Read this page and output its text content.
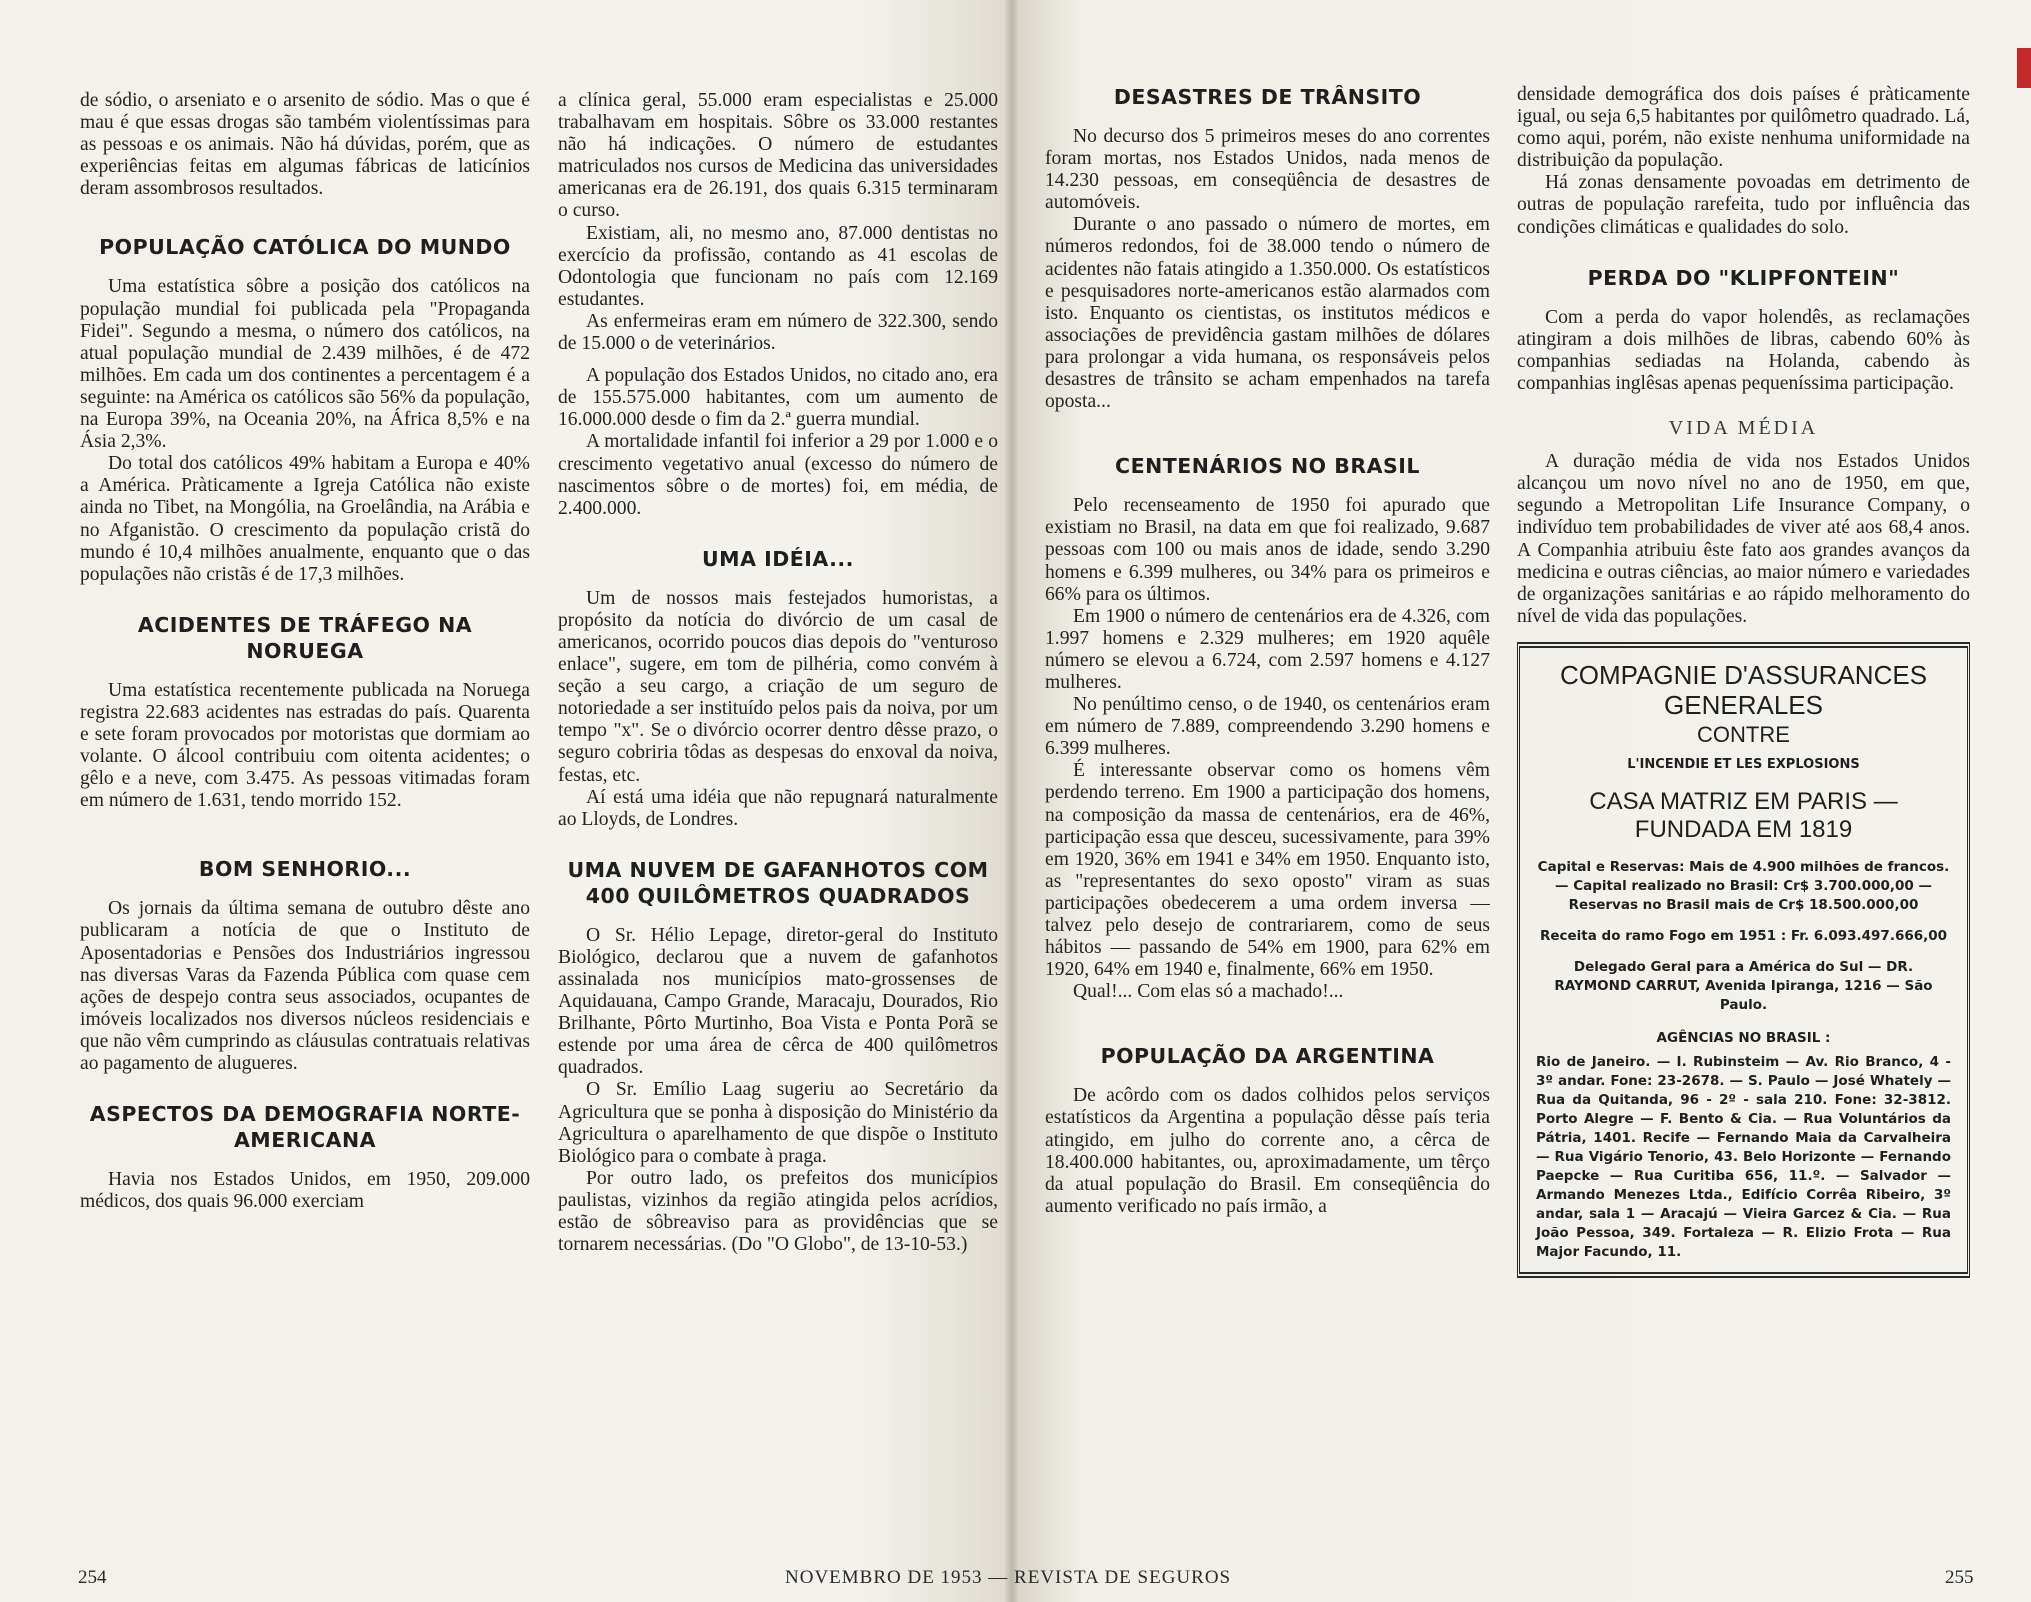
de sódio, o arseniato e o arsenito de sódio. Mas o que é mau é que essas drogas são também violentíssimas para as pessoas e os animais. Não há dúvidas, porém, que as experiências feitas em algumas fábricas de laticínios deram assombrosos resultados.

POPULAÇÃO CATÓLICA DO MUNDO

Uma estatística sôbre a posição dos católicos na população mundial foi publicada pela "Propaganda Fidei". Segundo a mesma, o número dos católicos, na atual população mundial de 2.439 milhões, é de 472 milhões. Em cada um dos continentes a percentagem é a seguinte: na América os católicos são 56% da população, na Europa 39%, na Oceania 20%, na África 8,5% e na Ásia 2,3%.

Do total dos católicos 49% habitam a Europa e 40% a América. Pràticamente a Igreja Católica não existe ainda no Tibet, na Mongólia, na Groelândia, na Arábia e no Afganistão. O crescimento da população cristã do mundo é 10,4 milhões anualmente, enquanto que o das populações não cristãs é de 17,3 milhões.

ACIDENTES DE TRÁFEGO NA NORUEGA

Uma estatística recentemente publicada na Noruega registra 22.683 acidentes nas estradas do país. Quarenta e sete foram provocados por motoristas que dormiam ao volante. O álcool contribuiu com oitenta acidentes; o gêlo e a neve, com 3.475. As pessoas vitimadas foram em número de 1.631, tendo morrido 152.

BOM SENHORIO...

Os jornais da última semana de outubro dêste ano publicaram a notícia de que o Instituto de Aposentadorias e Pensões dos Industriários ingressou nas diversas Varas da Fazenda Pública com quase cem ações de despejo contra seus associados, ocupantes de imóveis localizados nos diversos núcleos residenciais e que não vêm cumprindo as cláusulas contratuais relativas ao pagamento de alugueres.

ASPECTOS DA DEMOGRAFIA NORTE-AMERICANA

Havia nos Estados Unidos, em 1950, 209.000 médicos, dos quais 96.000 exerciam

a clínica geral, 55.000 eram especialistas e 25.000 trabalhavam em hospitais. Sôbre os 33.000 restantes não há indicações. O número de estudantes matriculados nos cursos de Medicina das universidades americanas era de 26.191, dos quais 6.315 terminaram o curso.

Existiam, ali, no mesmo ano, 87.000 dentistas no exercício da profissão, contando as 41 escolas de Odontologia que funcionam no país com 12.169 estudantes.

As enfermeiras eram em número de 322.300, sendo de 15.000 o de veterinários.

A população dos Estados Unidos, no citado ano, era de 155.575.000 habitantes, com um aumento de 16.000.000 desde o fim da 2.ª guerra mundial.

A mortalidade infantil foi inferior a 29 por 1.000 e o crescimento vegetativo anual (excesso do número de nascimentos sôbre o de mortes) foi, em média, de 2.400.000.

UMA IDÉIA...

Um de nossos mais festejados humoristas, a propósito da notícia do divórcio de um casal de americanos, ocorrido poucos dias depois do "venturoso enlace", sugere, em tom de pilhéria, como convém à seção a seu cargo, a criação de um seguro de notoriedade a ser instituído pelos pais da noiva, por um tempo "x". Se o divórcio ocorrer dentro dêsse prazo, o seguro cobriria tôdas as despesas do enxoval da noiva, festas, etc.

Aí está uma idéia que não repugnará naturalmente ao Lloyds, de Londres.

UMA NUVEM DE GAFANHOTOS COM 400 QUILÔMETROS QUADRADOS

O Sr. Hélio Lepage, diretor-geral do Instituto Biológico, declarou que a nuvem de gafanhotos assinalada nos municípios mato-grossenses de Aquidauana, Campo Grande, Maracaju, Dourados, Rio Brilhante, Pôrto Murtinho, Boa Vista e Ponta Porã se estende por uma área de cêrca de 400 quilômetros quadrados.

O Sr. Emílio Laag sugeriu ao Secretário da Agricultura que se ponha à disposição do Ministério da Agricultura o aparelhamento de que dispõe o Instituto Biológico para o combate à praga.

Por outro lado, os prefeitos dos municípios paulistas, vizinhos da região atingida pelos acrídios, estão de sôbreaviso para as providências que se tornarem necessárias. (Do "O Globo", de 13-10-53.)

DESASTRES DE TRÂNSITO

No decurso dos 5 primeiros meses do ano correntes foram mortas, nos Estados Unidos, nada menos de 14.230 pessoas, em conseqüência de desastres de automóveis.

Durante o ano passado o número de mortes, em números redondos, foi de 38.000 tendo o número de acidentes não fatais atingido a 1.350.000. Os estatísticos e pesquisadores norte-americanos estão alarmados com isto. Enquanto os cientistas, os institutos médicos e associações de previdência gastam milhões de dólares para prolongar a vida humana, os responsáveis pelos desastres de trânsito se acham empenhados na tarefa oposta...

CENTENÁRIOS NO BRASIL

Pelo recenseamento de 1950 foi apurado que existiam no Brasil, na data em que foi realizado, 9.687 pessoas com 100 ou mais anos de idade, sendo 3.290 homens e 6.399 mulheres, ou 34% para os primeiros e 66% para os últimos.

Em 1900 o número de centenários era de 4.326, com 1.997 homens e 2.329 mulheres; em 1920 aquêle número se elevou a 6.724, com 2.597 homens e 4.127 mulheres.

No penúltimo censo, o de 1940, os centenários eram em número de 7.889, compreendendo 3.290 homens e 6.399 mulheres.

É interessante observar como os homens vêm perdendo terreno. Em 1900 a participação dos homens, na composição da massa de centenários, era de 46%, participação essa que desceu, sucessivamente, para 39% em 1920, 36% em 1941 e 34% em 1950. Enquanto isto, as "representantes do sexo oposto" viram as suas participações obedecerem a uma ordem inversa — talvez pelo desejo de contrariarem, como de seus hábitos — passando de 54% em 1900, para 62% em 1920, 64% em 1940 e, finalmente, 66% em 1950.

Qual!... Com elas só a machado!...

POPULAÇÃO DA ARGENTINA

De acôrdo com os dados colhidos pelos serviços estatísticos da Argentina a população dêsse país teria atingido, em julho do corrente ano, a cêrca de 18.400.000 habitantes, ou, aproximadamente, um têrço da atual população do Brasil. Em conseqüência do aumento verificado no país irmão, a

densidade demográfica dos dois países é pràticamente igual, ou seja 6,5 habitantes por quilômetro quadrado. Lá, como aqui, porém, não existe nenhuma uniformidade na distribuição da população.

Há zonas densamente povoadas em detrimento de outras de população rarefeita, tudo por influência das condições climáticas e qualidades do solo.

PERDA DO "KLIPFONTEIN"

Com a perda do vapor holendês, as reclamações atingiram a dois milhões de libras, cabendo 60% às companhias sediadas na Holanda, cabendo às companhias inglêsas apenas pequeníssima participação.

VIDA MÉDIA

A duração média de vida nos Estados Unidos alcançou um novo nível no ano de 1950, em que, segundo a Metropolitan Life Insurance Company, o indivíduo tem probabilidades de viver até aos 68,4 anos. A Companhia atribuiu êste fato aos grandes avanços da medicina e outras ciências, ao maior número e variedades de organizações sanitárias e ao rápido melhoramento do nível de vida das populações.

COMPAGNIE D'ASSURANCES GENERALES
CONTRE
L'INCENDIE ET LES EXPLOSIONS
CASA MATRIZ EM PARIS — FUNDADA EM 1819
Capital e Reservas: Mais de 4.900 milhões de francos. — Capital realizado no Brasil: Cr$ 3.700.000,00 — Reservas no Brasil mais de Cr$ 18.500.000,00
Receita do ramo Fogo em 1951 : Fr. 6.093.497.666,00
Delegado Geral para a América do Sul — DR. RAYMOND CARRUT, Avenida Ipiranga, 1216 — São Paulo.
AGÊNCIAS NO BRASIL :
Rio de Janeiro. — I. Rubinsteim — Av. Rio Branco, 4 - 3º andar. Fone: 23-2678. — S. Paulo — José Whately — Rua da Quitanda, 96 - 2º - sala 210. Fone: 32-3812. Porto Alegre — F. Bento & Cia. — Rua Voluntários da Pátria, 1401. Recife — Fernando Maia da Carvalheira — Rua Vigário Tenorio, 43. Belo Horizonte — Fernando Paepcke — Rua Curitiba 656, 11.º. — Salvador — Armando Menezes Ltda., Edifício Corrêa Ribeiro, 3º andar, sala 1 — Aracajú — Vieira Garcez & Cia. — Rua João Pessoa, 349. Fortaleza — R. Elizio Frota — Rua Major Facundo, 11.
254	NOVEMBRO DE 1953 — REVISTA DE SEGUROS	255
